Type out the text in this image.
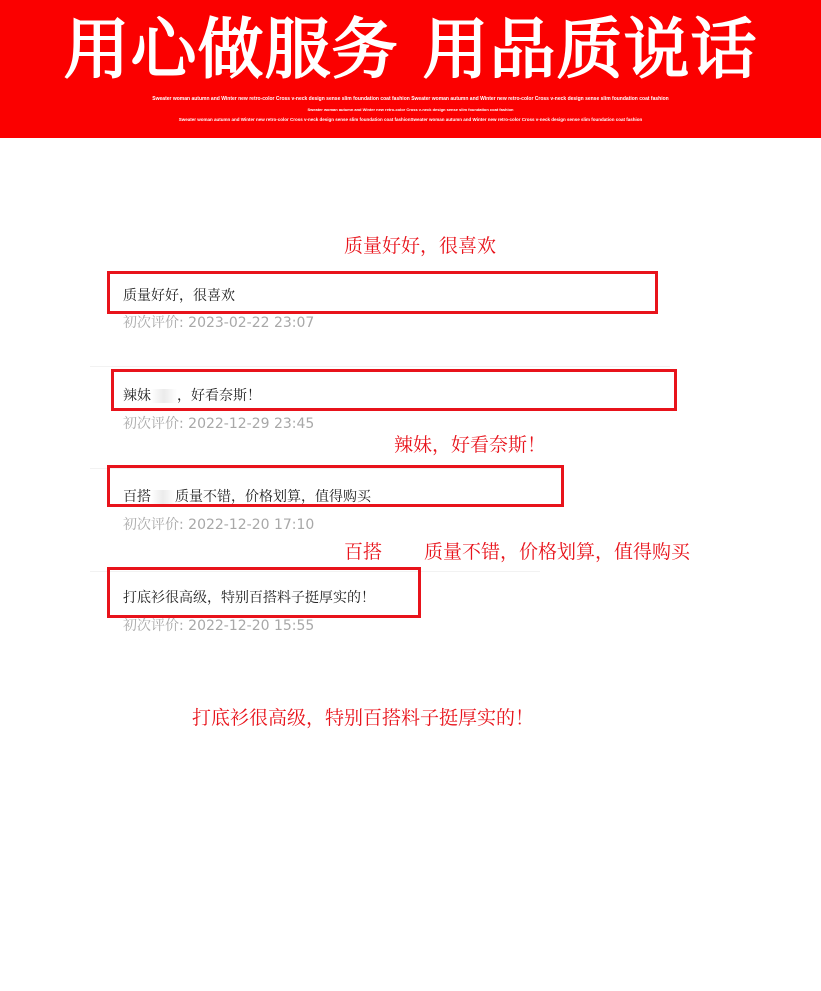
用心做服务 用品质说话
Sweater woman autumn and Winter new retro-color Cross v-neck design sense slim foundation coat fashion Sweater woman autumn and Winter new retro-color Cross v-neck design sense slim foundation coat fashion
Sweater woman autumn and Winter new retro-color Cross v-neck design sense slim foundation coat fashion
Sweater woman autumn and Winter new retro-color Cross v-neck design sense slim foundation coat fashionSweater woman autumn and Winter new retro-color Cross v-neck design sense slim foundation coat fashion
质量好好，很喜欢
质量好好，很喜欢
初次评价: 2023-02-22 23:07
辣妹 ，好看奈斯！
初次评价: 2022-12-29 23:45
辣妹，好看奈斯！
百搭 质量不错，价格划算，值得购买
初次评价: 2022-12-20 17:10
百搭 质量不错，价格划算，值得购买
打底衫很高级，特别百搭料子挺厚实的！
初次评价: 2022-12-20 15:55
打底衫很高级，特别百搭料子挺厚实的！
